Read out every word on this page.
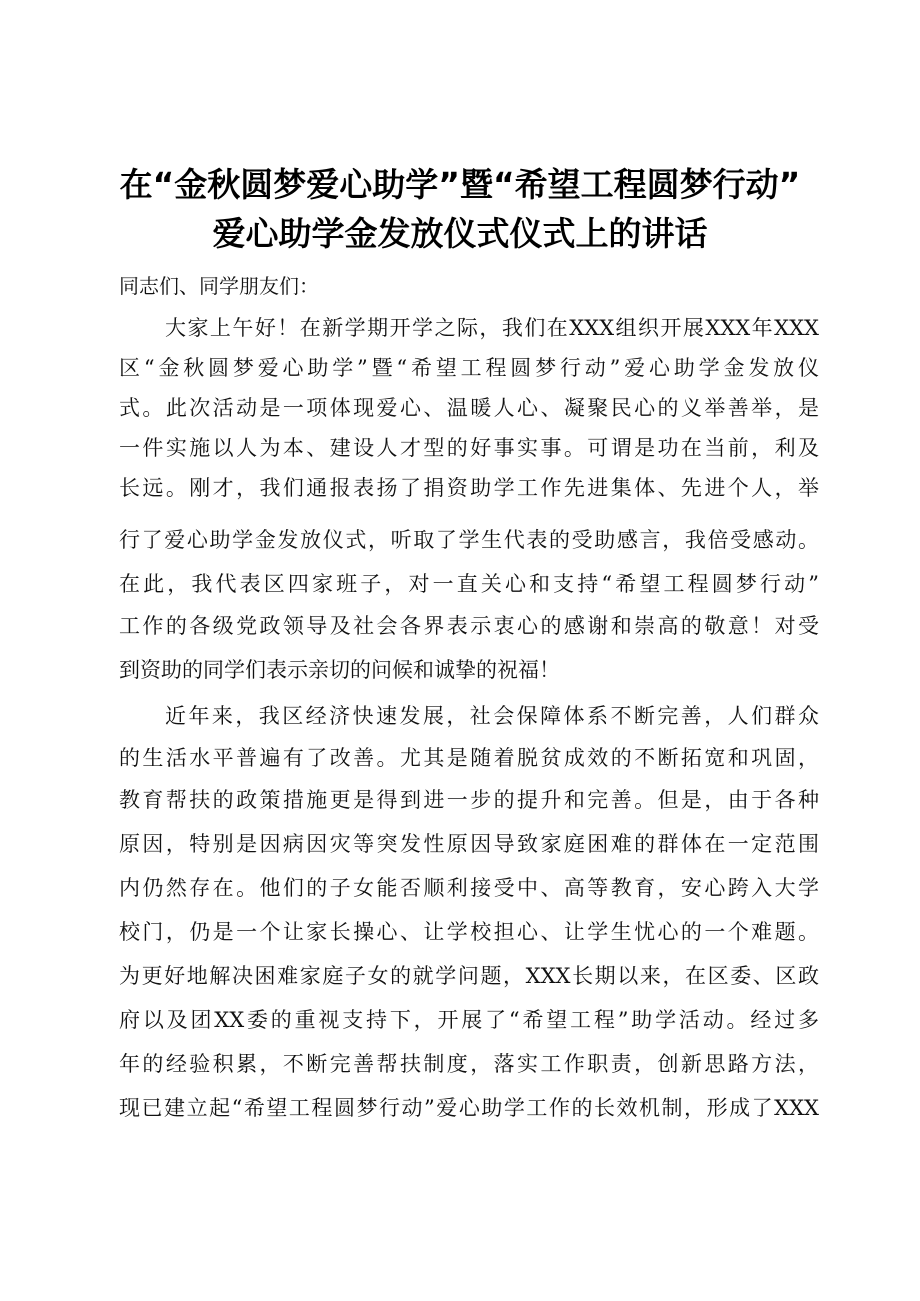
在“金秋圆梦爱心助学”暨“希望工程圆梦行动”
爱心助学金发放仪式仪式上的讲话
同志们、同学朋友们：
大家上午好！在新学期开学之际，我们在XXX组织开展XXX年XXX
区“金秋圆梦爱心助学”暨“希望工程圆梦行动”爱心助学金发放仪
式。此次活动是一项体现爱心、温暖人心、凝聚民心的义举善举，是
一件实施以人为本、建设人才型的好事实事。可谓是功在当前，利及
长远。刚才，我们通报表扬了捐资助学工作先进集体、先进个人，举
行了爱心助学金发放仪式，听取了学生代表的受助感言，我倍受感动。
在此，我代表区四家班子，对一直关心和支持“希望工程圆梦行动”
工作的各级党政领导及社会各界表示衷心的感谢和崇高的敬意！对受
到资助的同学们表示亲切的问候和诚挚的祝福！
近年来，我区经济快速发展，社会保障体系不断完善，人们群众
的生活水平普遍有了改善。尤其是随着脱贫成效的不断拓宽和巩固，
教育帮扶的政策措施更是得到进一步的提升和完善。但是，由于各种
原因，特别是因病因灾等突发性原因导致家庭困难的群体在一定范围
内仍然存在。他们的子女能否顺利接受中、高等教育，安心跨入大学
校门，仍是一个让家长操心、让学校担心、让学生忧心的一个难题。
为更好地解决困难家庭子女的就学问题，XXX长期以来，在区委、区政
府以及团XX委的重视支持下，开展了“希望工程”助学活动。经过多
年的经验积累，不断完善帮扶制度，落实工作职责，创新思路方法，
现已建立起“希望工程圆梦行动”爱心助学工作的长效机制，形成了XXX
